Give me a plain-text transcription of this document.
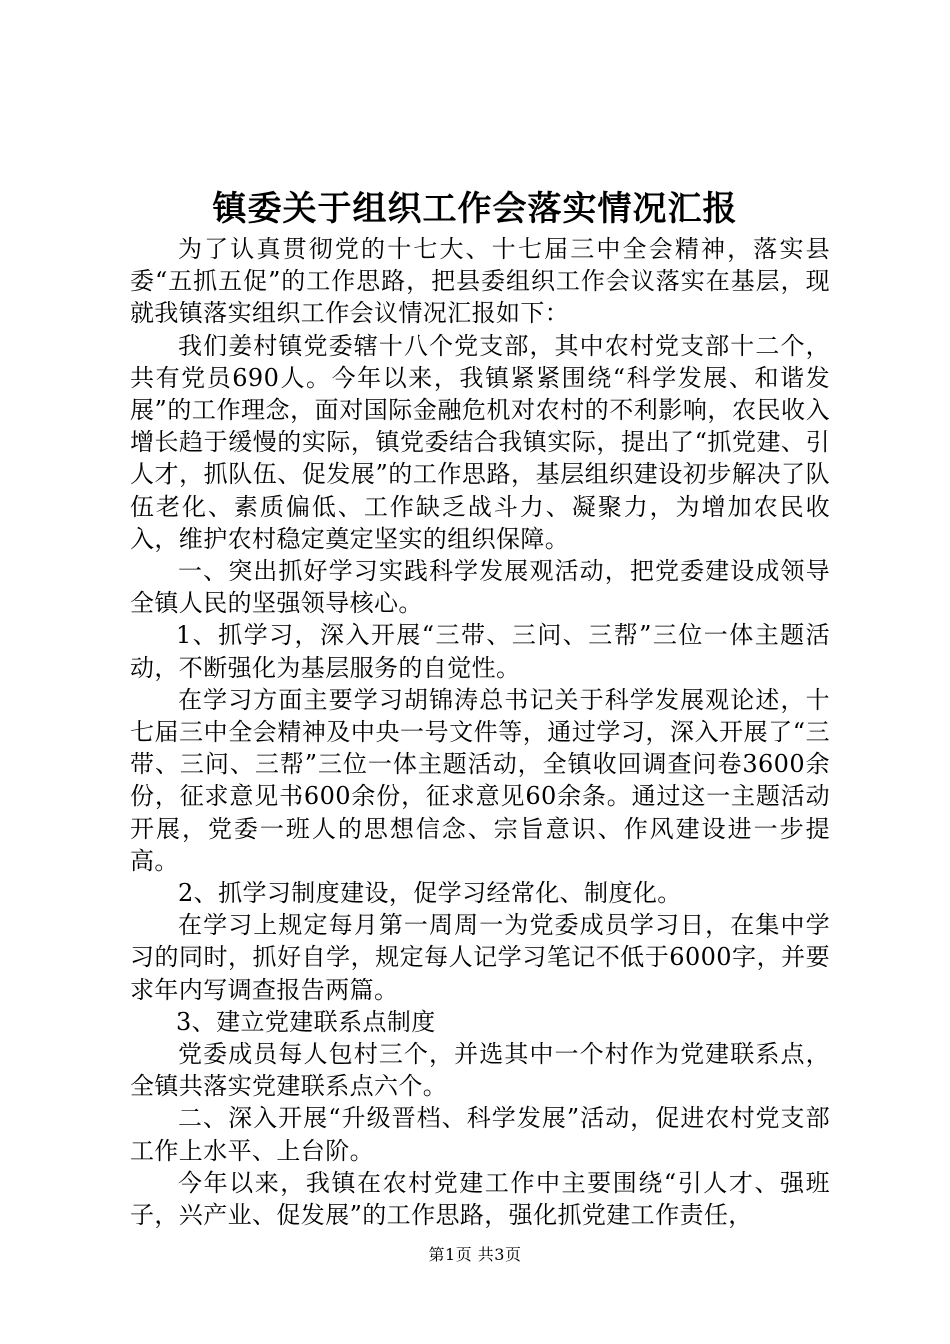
镇委关于组织工作会落实情况汇报

为了认真贯彻党的十七大、十七届三中全会精神，落实县委“五抓五促”的工作思路，把县委组织工作会议落实在基层，现就我镇落实组织工作会议情况汇报如下：

我们姜村镇党委辖十八个党支部，其中农村党支部十二个，共有党员690人。今年以来，我镇紧紧围绕“科学发展、和谐发展”的工作理念，面对国际金融危机对农村的不利影响，农民收入增长趋于缓慢的实际，镇党委结合我镇实际，提出了“抓党建、引人才，抓队伍、促发展”的工作思路，基层组织建设初步解决了队伍老化、素质偏低、工作缺乏战斗力、凝聚力，为增加农民收入，维护农村稳定奠定坚实的组织保障。

一、突出抓好学习实践科学发展观活动，把党委建设成领导全镇人民的坚强领导核心。

1、抓学习，深入开展“三带、三问、三帮”三位一体主题活动，不断强化为基层服务的自觉性。

在学习方面主要学习胡锦涛总书记关于科学发展观论述，十七届三中全会精神及中央一号文件等，通过学习，深入开展了“三带、三问、三帮”三位一体主题活动，全镇收回调查问卷3600余份，征求意见书600余份，征求意见60余条。通过这一主题活动开展，党委一班人的思想信念、宗旨意识、作风建设进一步提高。

2、抓学习制度建设，促学习经常化、制度化。

在学习上规定每月第一周周一为党委成员学习日，在集中学习的同时，抓好自学，规定每人记学习笔记不低于6000字，并要求年内写调查报告两篇。

3、建立党建联系点制度

党委成员每人包村三个，并选其中一个村作为党建联系点，全镇共落实党建联系点六个。

二、深入开展“升级晋档、科学发展”活动，促进农村党支部工作上水平、上台阶。

今年以来，我镇在农村党建工作中主要围绕“引人才、强班子，兴产业、促发展”的工作思路，强化抓党建工作责任，

第1页 共3页
